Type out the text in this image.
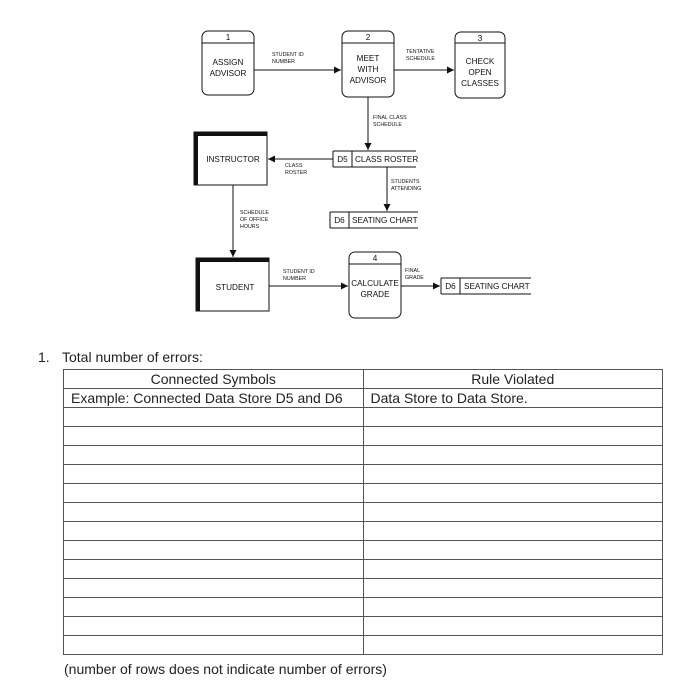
1
ASSIGN
ADVISOR
2
MEET
WITH
ADVISOR
3
CHECK
OPEN
CLASSES
4
CALCULATE
GRADE
INSTRUCTOR
STUDENT
D5 CLASS ROSTER
D6 SEATING CHART
D6 SEATING CHART
STUDENT ID
NUMBER
TENTATIVE
SCHEDULE
FINAL CLASS
SCHEDULE
CLASS
ROSTER
STUDENTS
ATTENDING
SCHEDULE
OF OFFICE
HOURS
STUDENT ID
NUMBER
FINAL
GRADE
1. Total number of errors:
Connected Symbols	Rule Violated
Example: Connected Data Store D5 and D6	Data Store to Data Store.

(number of rows does not indicate number of errors)
